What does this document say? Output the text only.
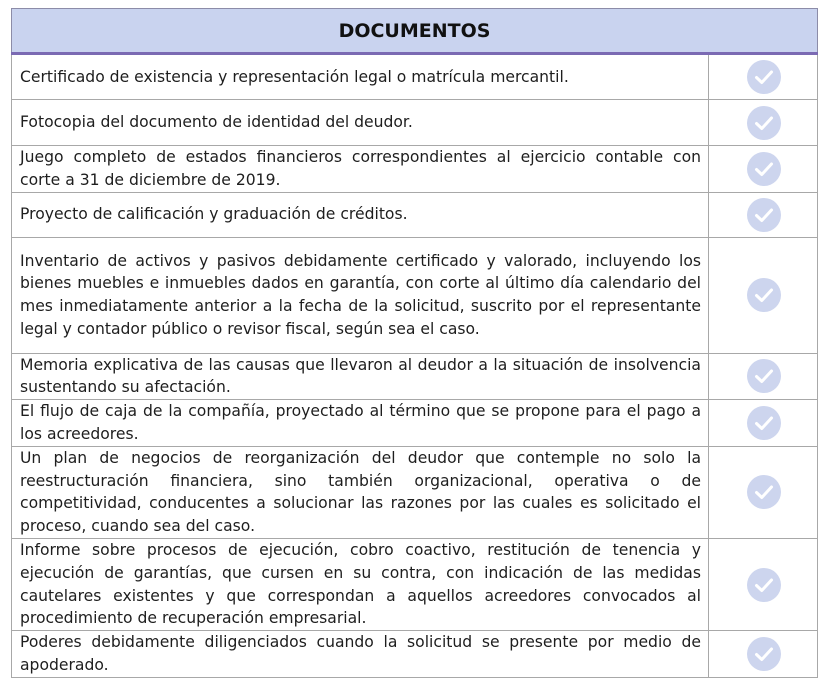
DOCUMENTOS	

Certificado de existencia y representación legal o matrícula mercantil.

Fotocopia del documento de identidad del deudor.

Juego completo de estados financieros correspondientes al ejercicio contable con corte a 31 de diciembre de 2019.

Proyecto de calificación y graduación de créditos.

Inventario de activos y pasivos debidamente certificado y valorado, incluyendo los bienes muebles e inmuebles dados en garantía, con corte al último día calendario del mes inmediatamente anterior a la fecha de la solicitud, suscrito por el representante legal y contador público o revisor fiscal, según sea el caso.

Memoria explicativa de las causas que llevaron al deudor a la situación de insolvencia sustentando su afectación.

El flujo de caja de la compañía, proyectado al término que se propone para el pago a los acreedores.

Un plan de negocios de reorganización del deudor que contemple no solo la reestructuración financiera, sino también organizacional, operativa o de competitividad, conducentes a solucionar las razones por las cuales es solicitado el proceso, cuando sea del caso.

Informe sobre procesos de ejecución, cobro coactivo, restitución de tenencia y ejecución de garantías, que cursen en su contra, con indicación de las medidas cautelares existentes y que correspondan a aquellos acreedores convocados al procedimiento de recuperación empresarial.

Poderes debidamente diligenciados cuando la solicitud se presente por medio de apoderado.
